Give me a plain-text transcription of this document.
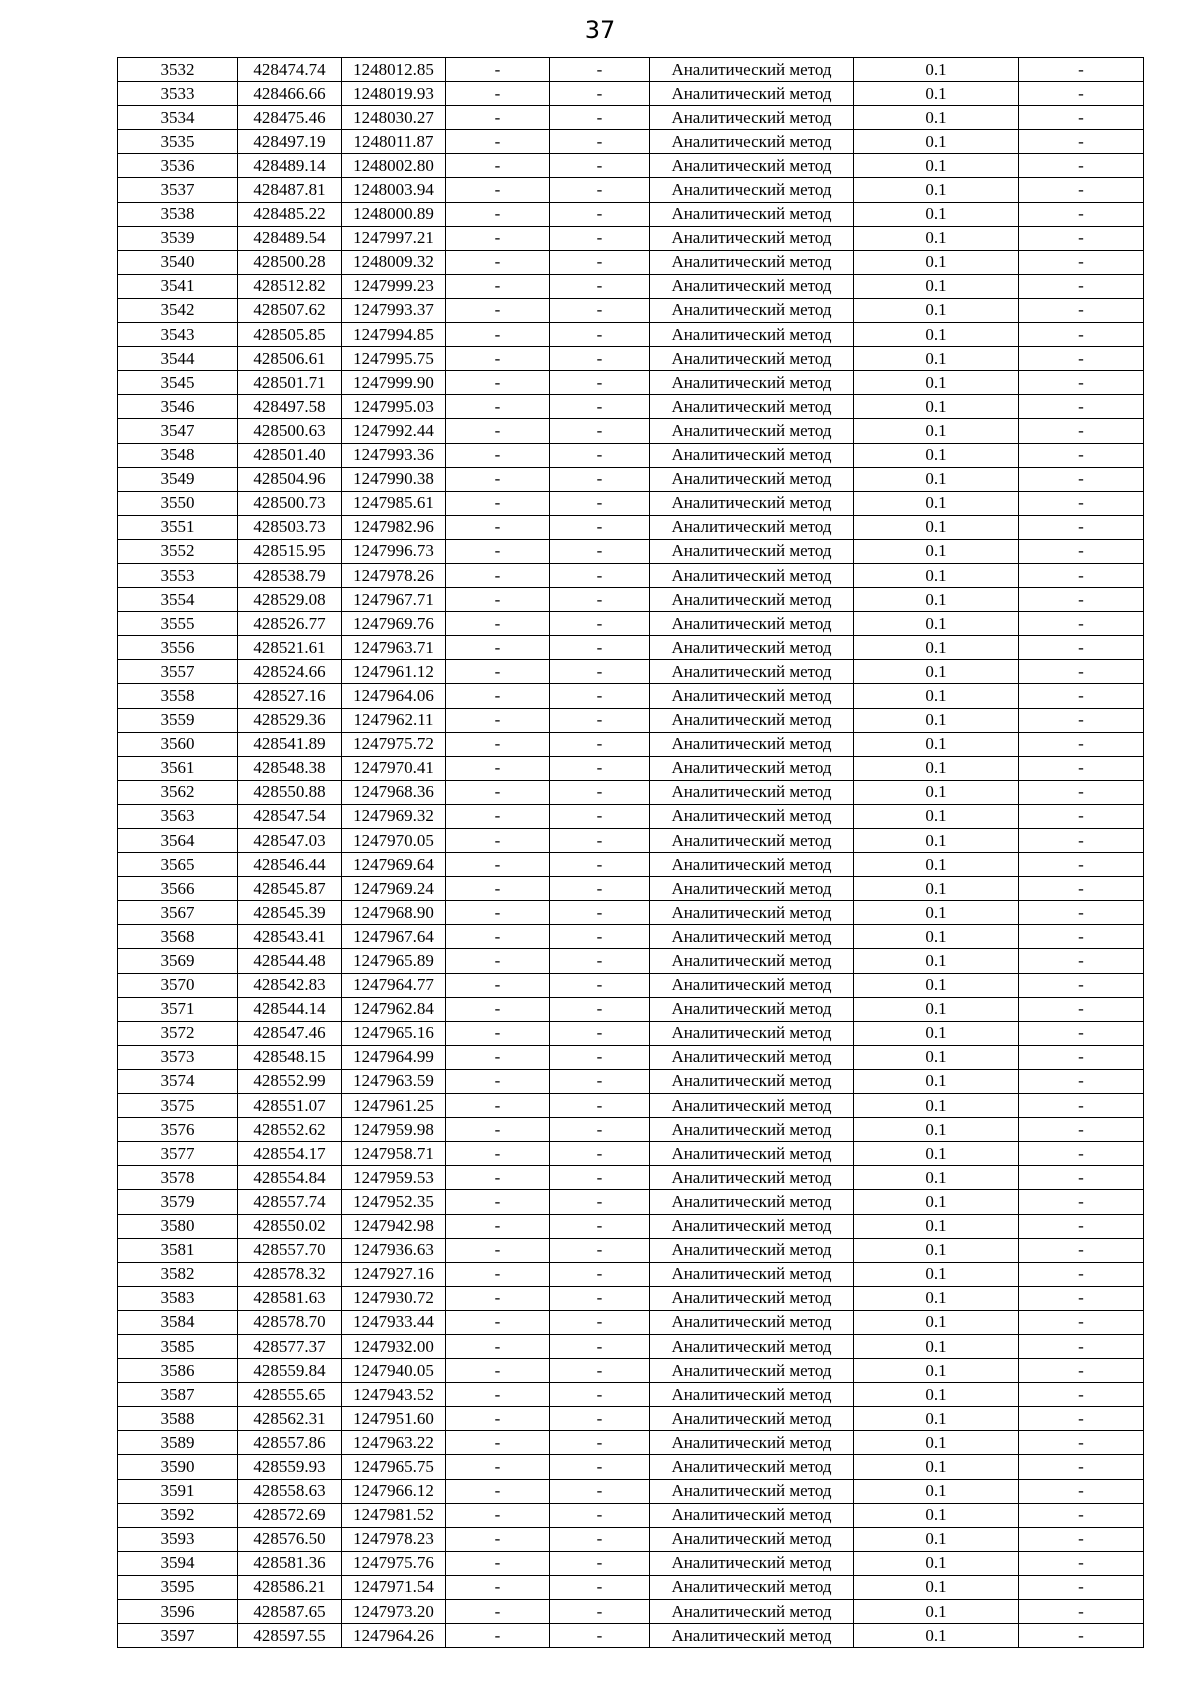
37
3532	428474.74	1248012.85	-	-	Аналитический метод	0.1	-
3533	428466.66	1248019.93	-	-	Аналитический метод	0.1	-
3534	428475.46	1248030.27	-	-	Аналитический метод	0.1	-
3535	428497.19	1248011.87	-	-	Аналитический метод	0.1	-
3536	428489.14	1248002.80	-	-	Аналитический метод	0.1	-
3537	428487.81	1248003.94	-	-	Аналитический метод	0.1	-
3538	428485.22	1248000.89	-	-	Аналитический метод	0.1	-
3539	428489.54	1247997.21	-	-	Аналитический метод	0.1	-
3540	428500.28	1248009.32	-	-	Аналитический метод	0.1	-
3541	428512.82	1247999.23	-	-	Аналитический метод	0.1	-
3542	428507.62	1247993.37	-	-	Аналитический метод	0.1	-
3543	428505.85	1247994.85	-	-	Аналитический метод	0.1	-
3544	428506.61	1247995.75	-	-	Аналитический метод	0.1	-
3545	428501.71	1247999.90	-	-	Аналитический метод	0.1	-
3546	428497.58	1247995.03	-	-	Аналитический метод	0.1	-
3547	428500.63	1247992.44	-	-	Аналитический метод	0.1	-
3548	428501.40	1247993.36	-	-	Аналитический метод	0.1	-
3549	428504.96	1247990.38	-	-	Аналитический метод	0.1	-
3550	428500.73	1247985.61	-	-	Аналитический метод	0.1	-
3551	428503.73	1247982.96	-	-	Аналитический метод	0.1	-
3552	428515.95	1247996.73	-	-	Аналитический метод	0.1	-
3553	428538.79	1247978.26	-	-	Аналитический метод	0.1	-
3554	428529.08	1247967.71	-	-	Аналитический метод	0.1	-
3555	428526.77	1247969.76	-	-	Аналитический метод	0.1	-
3556	428521.61	1247963.71	-	-	Аналитический метод	0.1	-
3557	428524.66	1247961.12	-	-	Аналитический метод	0.1	-
3558	428527.16	1247964.06	-	-	Аналитический метод	0.1	-
3559	428529.36	1247962.11	-	-	Аналитический метод	0.1	-
3560	428541.89	1247975.72	-	-	Аналитический метод	0.1	-
3561	428548.38	1247970.41	-	-	Аналитический метод	0.1	-
3562	428550.88	1247968.36	-	-	Аналитический метод	0.1	-
3563	428547.54	1247969.32	-	-	Аналитический метод	0.1	-
3564	428547.03	1247970.05	-	-	Аналитический метод	0.1	-
3565	428546.44	1247969.64	-	-	Аналитический метод	0.1	-
3566	428545.87	1247969.24	-	-	Аналитический метод	0.1	-
3567	428545.39	1247968.90	-	-	Аналитический метод	0.1	-
3568	428543.41	1247967.64	-	-	Аналитический метод	0.1	-
3569	428544.48	1247965.89	-	-	Аналитический метод	0.1	-
3570	428542.83	1247964.77	-	-	Аналитический метод	0.1	-
3571	428544.14	1247962.84	-	-	Аналитический метод	0.1	-
3572	428547.46	1247965.16	-	-	Аналитический метод	0.1	-
3573	428548.15	1247964.99	-	-	Аналитический метод	0.1	-
3574	428552.99	1247963.59	-	-	Аналитический метод	0.1	-
3575	428551.07	1247961.25	-	-	Аналитический метод	0.1	-
3576	428552.62	1247959.98	-	-	Аналитический метод	0.1	-
3577	428554.17	1247958.71	-	-	Аналитический метод	0.1	-
3578	428554.84	1247959.53	-	-	Аналитический метод	0.1	-
3579	428557.74	1247952.35	-	-	Аналитический метод	0.1	-
3580	428550.02	1247942.98	-	-	Аналитический метод	0.1	-
3581	428557.70	1247936.63	-	-	Аналитический метод	0.1	-
3582	428578.32	1247927.16	-	-	Аналитический метод	0.1	-
3583	428581.63	1247930.72	-	-	Аналитический метод	0.1	-
3584	428578.70	1247933.44	-	-	Аналитический метод	0.1	-
3585	428577.37	1247932.00	-	-	Аналитический метод	0.1	-
3586	428559.84	1247940.05	-	-	Аналитический метод	0.1	-
3587	428555.65	1247943.52	-	-	Аналитический метод	0.1	-
3588	428562.31	1247951.60	-	-	Аналитический метод	0.1	-
3589	428557.86	1247963.22	-	-	Аналитический метод	0.1	-
3590	428559.93	1247965.75	-	-	Аналитический метод	0.1	-
3591	428558.63	1247966.12	-	-	Аналитический метод	0.1	-
3592	428572.69	1247981.52	-	-	Аналитический метод	0.1	-
3593	428576.50	1247978.23	-	-	Аналитический метод	0.1	-
3594	428581.36	1247975.76	-	-	Аналитический метод	0.1	-
3595	428586.21	1247971.54	-	-	Аналитический метод	0.1	-
3596	428587.65	1247973.20	-	-	Аналитический метод	0.1	-
3597	428597.55	1247964.26	-	-	Аналитический метод	0.1	-
